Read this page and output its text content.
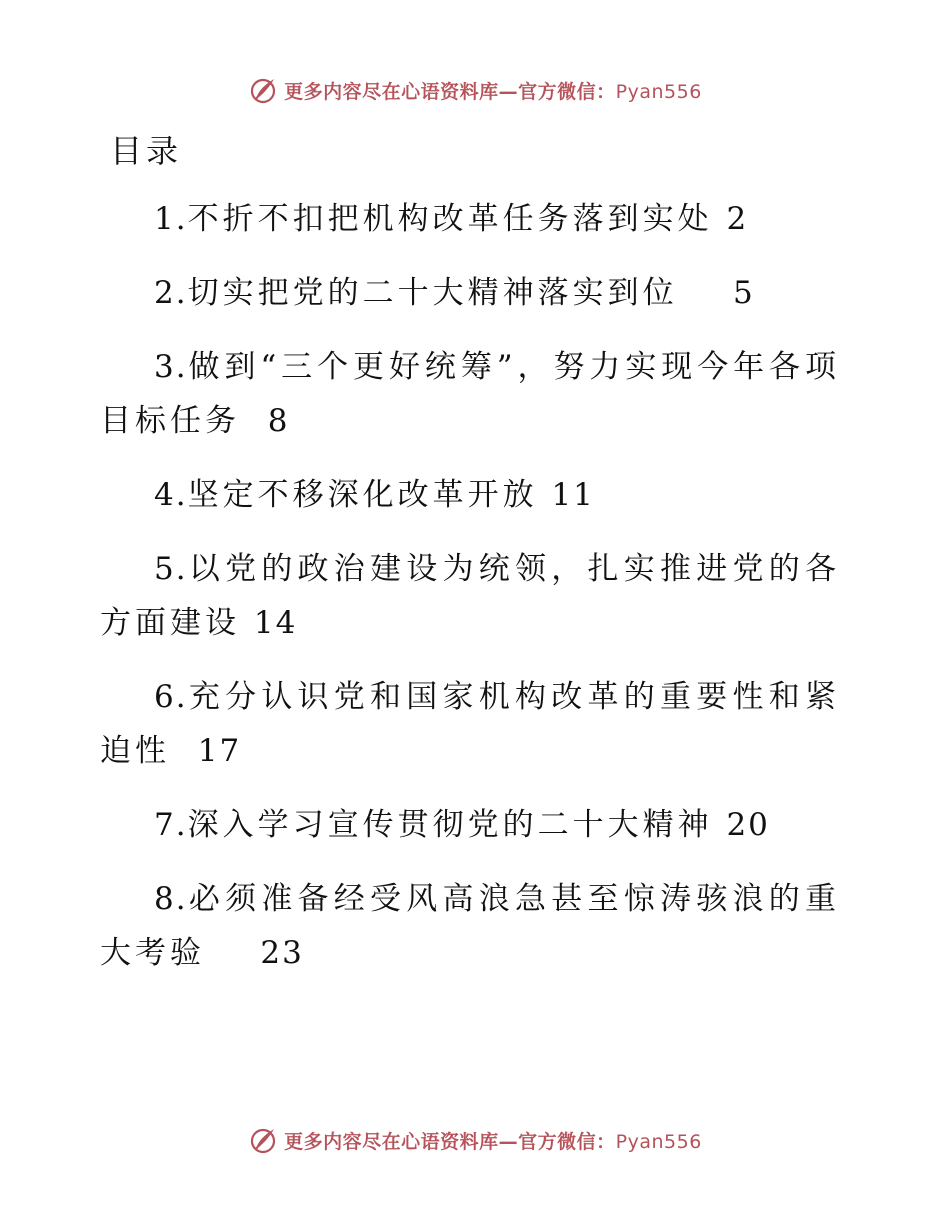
更多内容尽在心语资料库—官方微信：Pyan556
目录
1.不折不扣把机构改革任务落到实处 2
2.切实把党的二十大精神落实到位 5
3.做到“三个更好统筹”，努力实现今年各项目标任务 8
4.坚定不移深化改革开放 11
5.以党的政治建设为统领，扎实推进党的各方面建设 14
6.充分认识党和国家机构改革的重要性和紧迫性 17
7.深入学习宣传贯彻党的二十大精神 20
8.必须准备经受风高浪急甚至惊涛骇浪的重大考验 23
更多内容尽在心语资料库—官方微信：Pyan556
